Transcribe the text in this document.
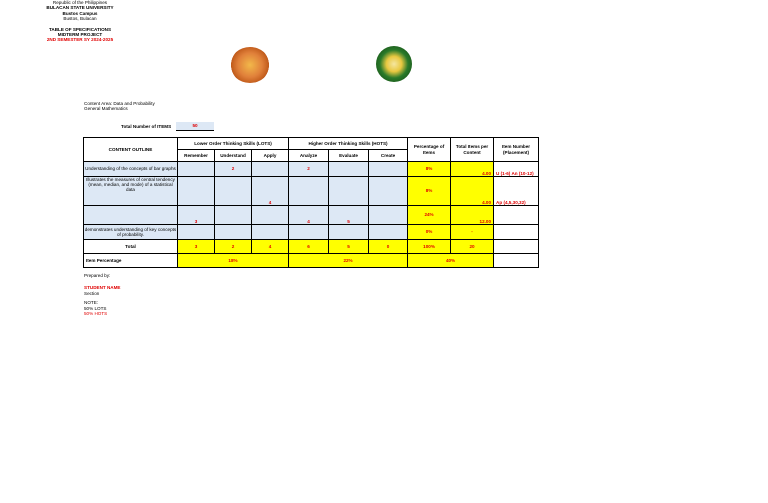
Republic of the Philippines
BULACAN STATE UNIVERSITY
Bustos Campus
Bustos, Bulacan
TABLE OF SPECIFICATIONS
MIDTERM PROJECT
2ND SEMESTER SY 2024-2025
Content Area: Data and Probability
General Mathematics
Total Number of ITEMS	50
CONTENT OUTLINE	Lower Order Thinking Skills (LOTS)			Higher Order Thinking Skills (HOTS)			Percentage of Items	Total Items per Content	Item Number (Placement)
	Remember	Understand	Apply	Analyze	Evaluate	Create			
Understanding of the concepts of bar graphs		2		2			8%	4.00	U (1-6) An (10-12)
Illustrates the measures of central tendency (mean, median, and mode) of a statistical data			4				8%	4.00	Ap (4,5,30,32)
	3			4	5		24%	12.00	
demonstrates understanding of key concepts of probability.							0%	-	
Total	3	2	4	6	5	0	100%	20	
Item Percentage	18%			22%			40%		
Prepared by:
STUDENT NAME
Section
NOTE:
50% LOTS
50% HOTS
